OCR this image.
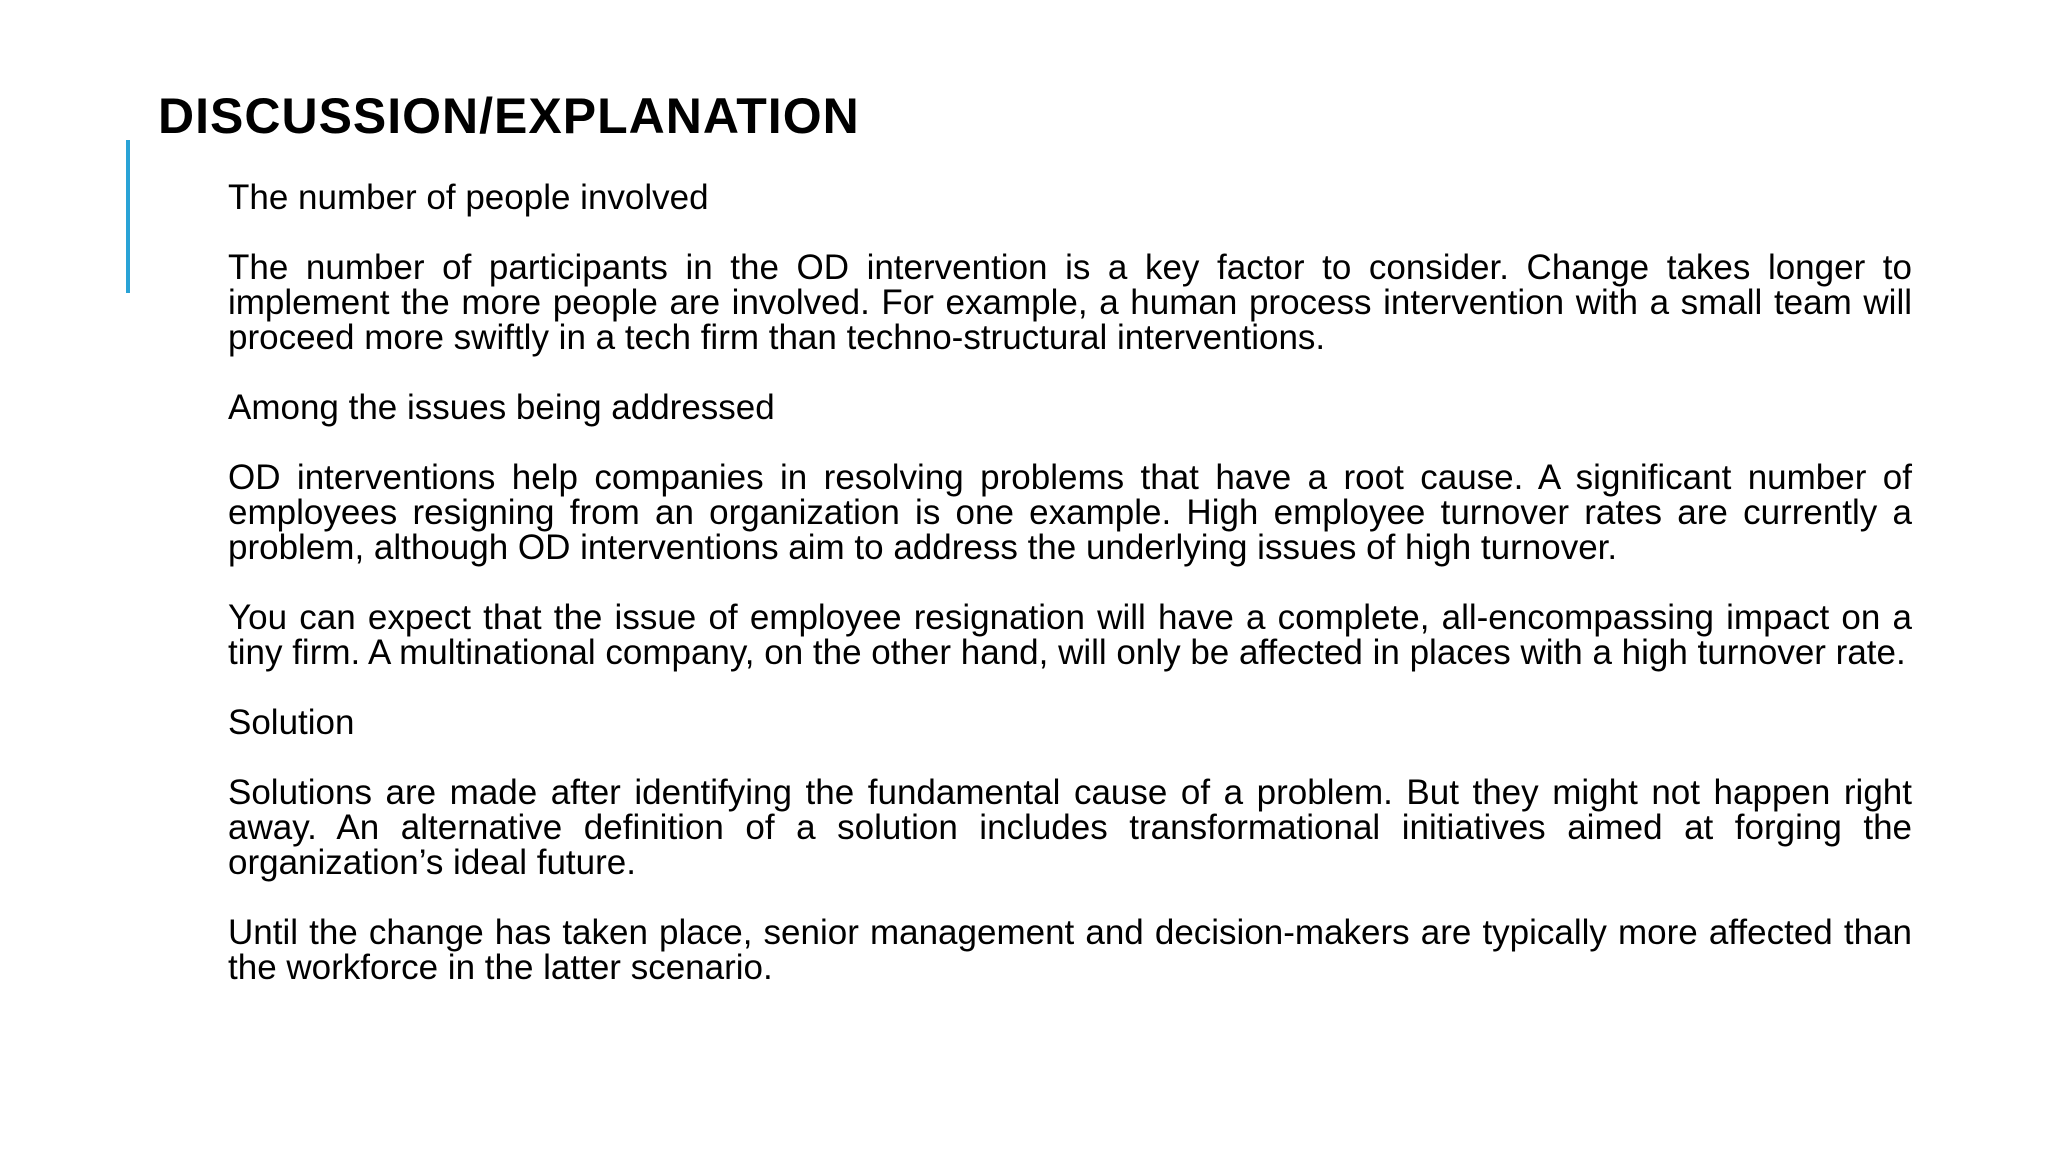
DISCUSSION/EXPLANATION

The number of people involved

The number of participants in the OD intervention is a key factor to consider. Change takes longer to implement the more people are involved. For example, a human process intervention with a small team will proceed more swiftly in a tech firm than techno-structural interventions.

Among the issues being addressed

OD interventions help companies in resolving problems that have a root cause. A significant number of employees resigning from an organization is one example. High employee turnover rates are currently a problem, although OD interventions aim to address the underlying issues of high turnover.

You can expect that the issue of employee resignation will have a complete, all-encompassing impact on a tiny firm. A multinational company, on the other hand, will only be affected in places with a high turnover rate.

Solution

Solutions are made after identifying the fundamental cause of a problem. But they might not happen right away. An alternative definition of a solution includes transformational initiatives aimed at forging the organization’s ideal future.

Until the change has taken place, senior management and decision-makers are typically more affected than the workforce in the latter scenario.
